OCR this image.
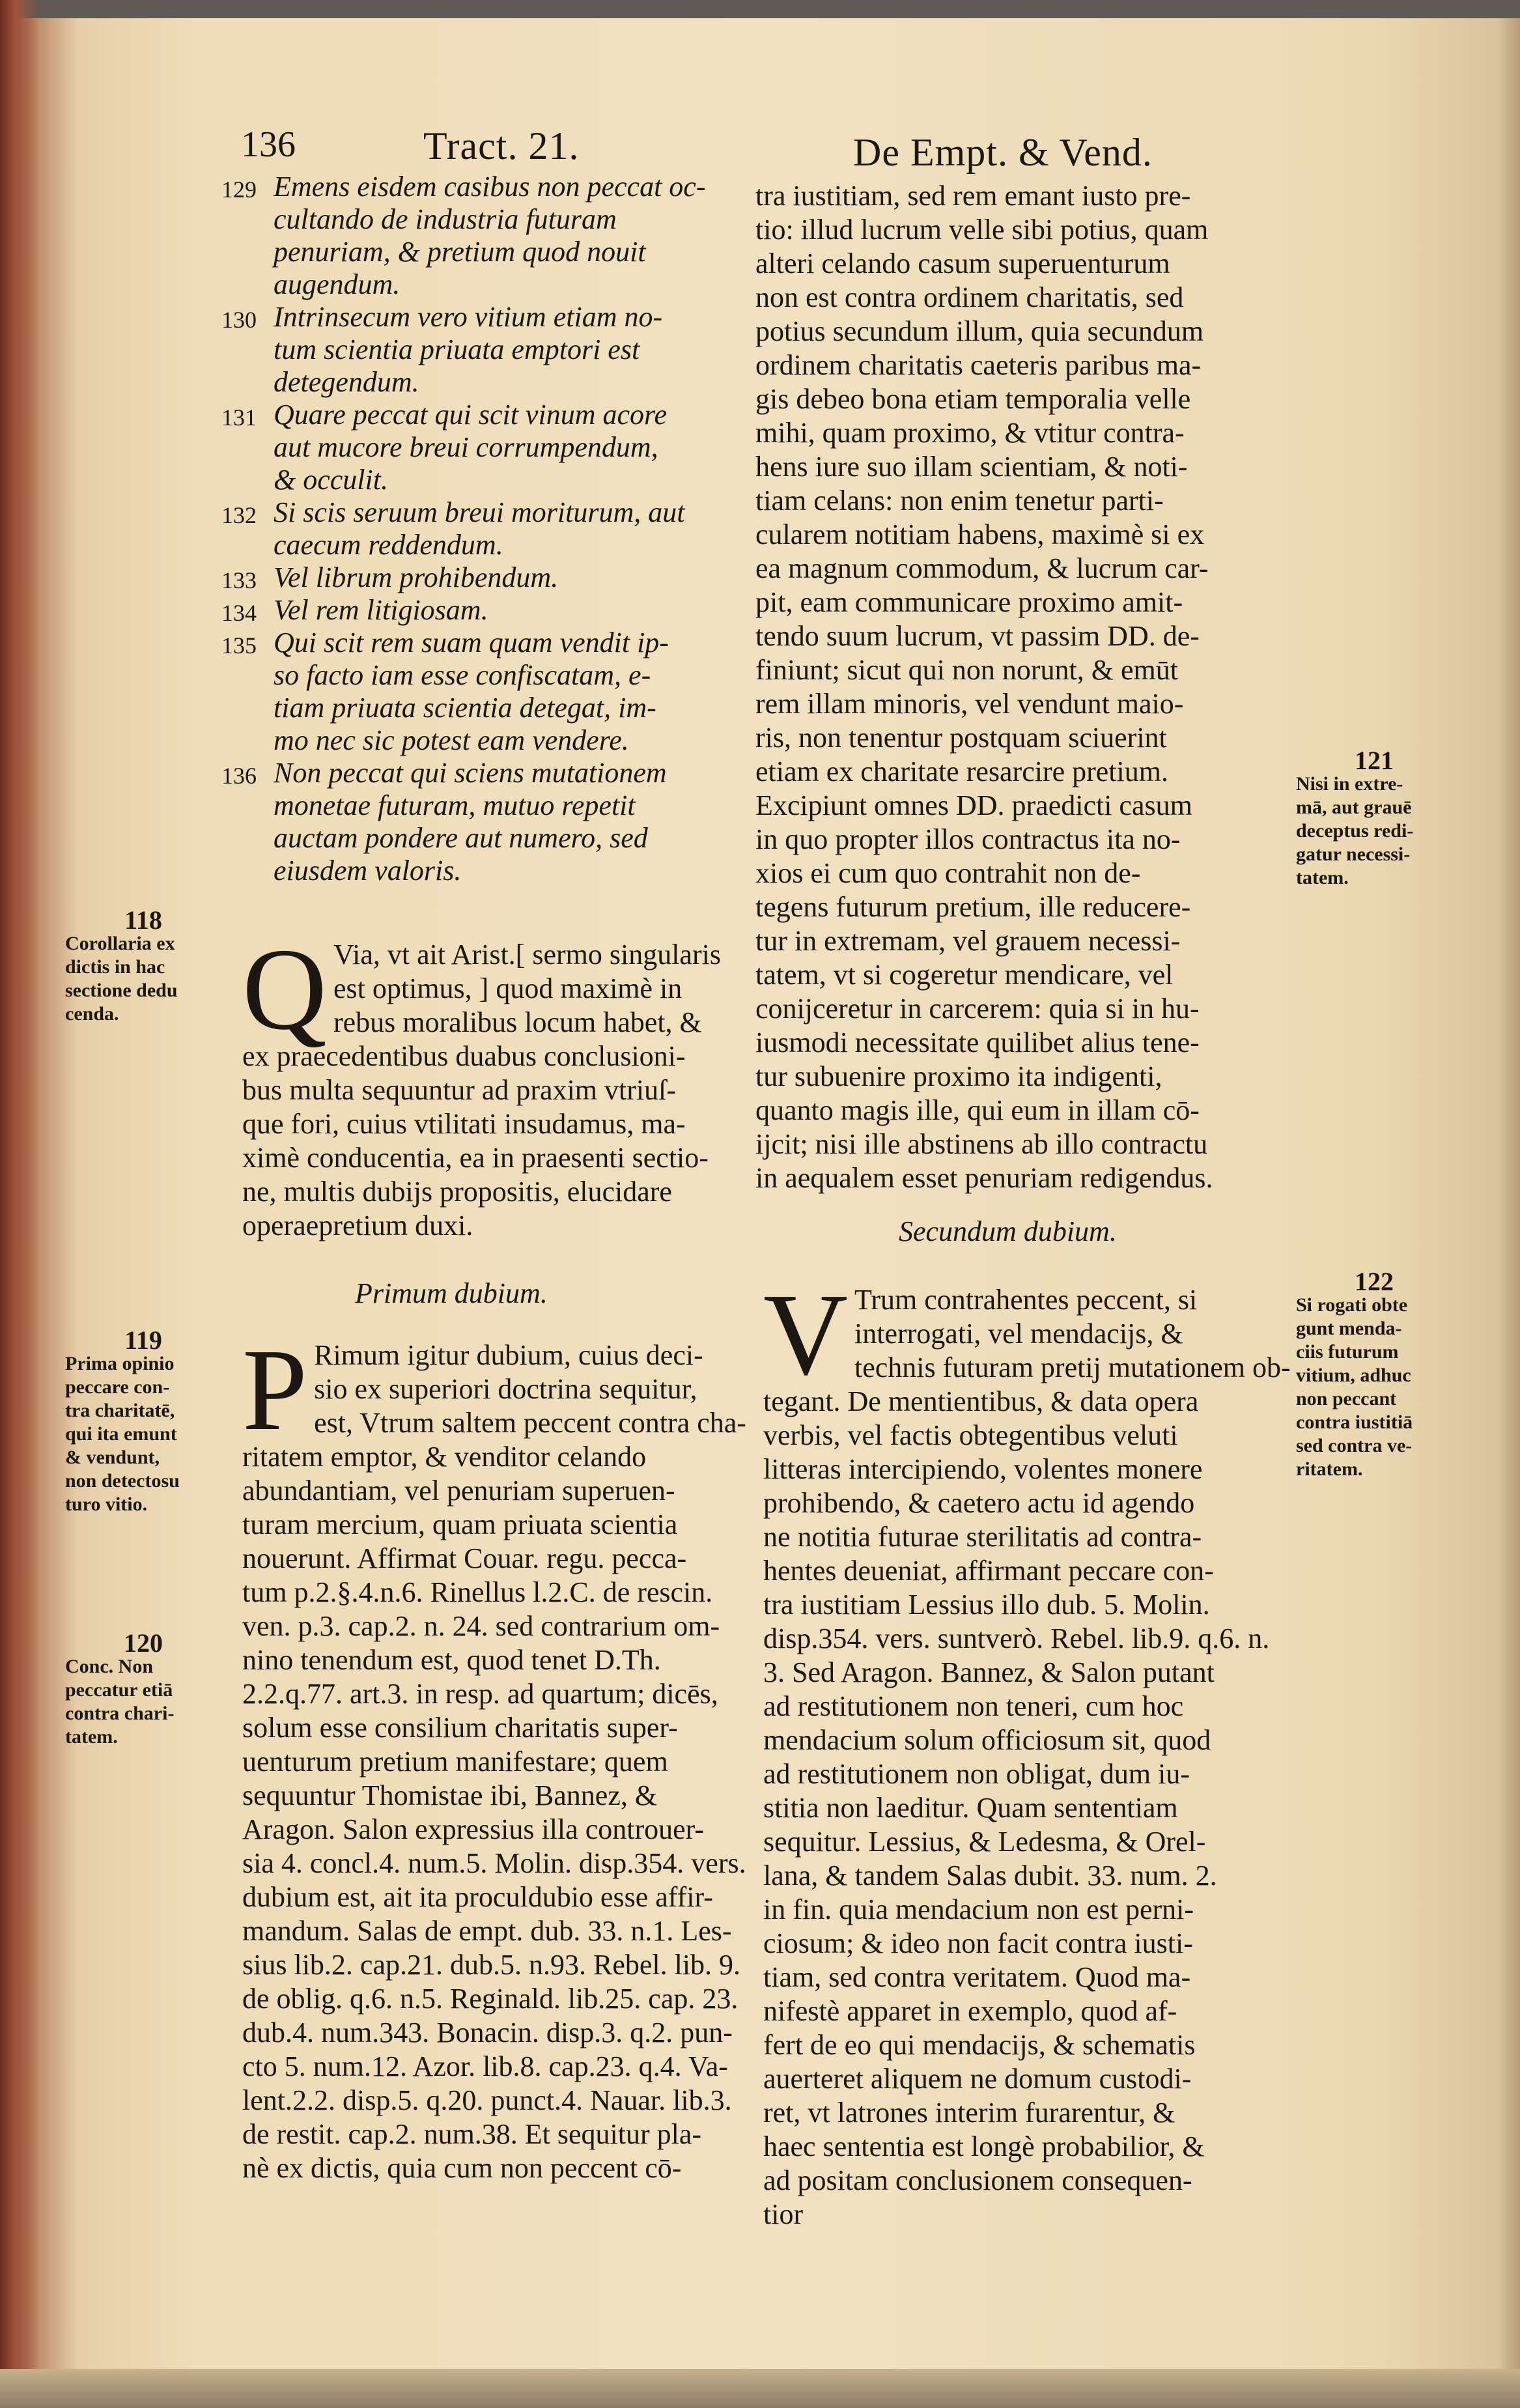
136	Tract. 21.	De Empt. & Vend.
129 Emens eisdem casibus non peccat oc-
cultando de industria futuram
penuriam, & pretium quod nouit
augendum.
130 Intrinsecum vero vitium etiam no-
tum scientia priuata emptori est
detegendum.
131 Quare peccat qui scit vinum acore
aut mucore breui corrumpendum,
& occulit.
132 Si scis seruum breui moriturum, aut
caecum reddendum.
133 Vel librum prohibendum.
134 Vel rem litigiosam.
135 Qui scit rem suam quam vendit ip-
so facto iam esse confiscatam, e-
tiam priuata scientia detegat, im-
mo nec sic potest eam vendere.
136 Non peccat qui sciens mutationem
monetae futuram, mutuo repetit
auctam pondere aut numero, sed
eiusdem valoris.
118
Corollaria ex
dictis in hac
sectione dedu
cenda.
119
Prima opinio
peccare con-
tra charitatē,
qui ita emunt
& vendunt,
non detectosu
turo vitio.
120
Conc. Non
peccatur etiā
contra chari-
tatem.
121
Nisi in extre-
mā, aut grauē
deceptus redi-
gatur necessi-
tatem.
122
Si rogati obte
gunt menda-
ciis futurum
vitium, adhuc
non peccant
contra iustitiā
sed contra ve-
ritatem.
Q Via, vt ait Arist.[ sermo singularis
est optimus, ] quod maximè in
rebus moralibus locum habet, &
ex praecedentibus duabus conclusioni-
bus multa sequuntur ad praxim vtriuſ-
que fori, cuius vtilitati insudamus, ma-
ximè conducentia, ea in praesenti sectio-
ne, multis dubijs propositis, elucidare
operaepretium duxi.
Primum dubium.
P Rimum igitur dubium, cuius deci-
sio ex superiori doctrina sequitur,
est, Vtrum saltem peccent contra cha-
ritatem emptor, & venditor celando
abundantiam, vel penuriam superuen-
turam mercium, quam priuata scientia
nouerunt. Affirmat Couar. regu. pecca-
tum p.2.§.4.n.6. Rinellus l.2.C. de rescin.
ven. p.3. cap.2. n. 24. sed contrarium om-
nino tenendum est, quod tenet D.Th.
2.2.q.77. art.3. in resp. ad quartum; dicēs,
solum esse consilium charitatis super-
uenturum pretium manifestare; quem
sequuntur Thomistae ibi, Bannez, &
Aragon. Salon expressius illa controuer-
sia 4. concl.4. num.5. Molin. disp.354. vers.
dubium est, ait ita proculdubio esse affir-
mandum. Salas de empt. dub. 33. n.1. Les-
sius lib.2. cap.21. dub.5. n.93. Rebel. lib. 9.
de oblig. q.6. n.5. Reginald. lib.25. cap. 23.
dub.4. num.343. Bonacin. disp.3. q.2. pun-
cto 5. num.12. Azor. lib.8. cap.23. q.4. Va-
lent.2.2. disp.5. q.20. punct.4. Nauar. lib.3.
de restit. cap.2. num.38. Et sequitur pla-
nè ex dictis, quia cum non peccent cō-
tra iustitiam, sed rem emant iusto pre-
tio: illud lucrum velle sibi potius, quam
alteri celando casum superuenturum
non est contra ordinem charitatis, sed
potius secundum illum, quia secundum
ordinem charitatis caeteris paribus ma-
gis debeo bona etiam temporalia velle
mihi, quam proximo, & vtitur contra-
hens iure suo illam scientiam, & noti-
tiam celans: non enim tenetur parti-
cularem notitiam habens, maximè si ex
ea magnum commodum, & lucrum car-
pit, eam communicare proximo amit-
tendo suum lucrum, vt passim DD. de-
finiunt; sicut qui non norunt, & emūt
rem illam minoris, vel vendunt maio-
ris, non tenentur postquam sciuerint
etiam ex charitate resarcire pretium.
Excipiunt omnes DD. praedicti casum
in quo propter illos contractus ita no-
xios ei cum quo contrahit non de-
tegens futurum pretium, ille reducere-
tur in extremam, vel grauem necessi-
tatem, vt si cogeretur mendicare, vel
conijceretur in carcerem: quia si in hu-
iusmodi necessitate quilibet alius tene-
tur subuenire proximo ita indigenti,
quanto magis ille, qui eum in illam cō-
ijcit; nisi ille abstinens ab illo contractu
in aequalem esset penuriam redigendus.
Secundum dubium.
V Trum contrahentes peccent, si
interrogati, vel mendacijs, &
technis futuram pretij mutationem ob-
tegant. De mentientibus, & data opera
verbis, vel factis obtegentibus veluti
litteras intercipiendo, volentes monere
prohibendo, & caetero actu id agendo
ne notitia futurae sterilitatis ad contra-
hentes deueniat, affirmant peccare con-
tra iustitiam Lessius illo dub. 5. Molin.
disp.354. vers. suntverò. Rebel. lib.9. q.6. n.
3. Sed Aragon. Bannez, & Salon putant
ad restitutionem non teneri, cum hoc
mendacium solum officiosum sit, quod
ad restitutionem non obligat, dum iu-
stitia non laeditur. Quam sententiam
sequitur. Lessius, & Ledesma, & Orel-
lana, & tandem Salas dubit. 33. num. 2.
in fin. quia mendacium non est perni-
ciosum; & ideo non facit contra iusti-
tiam, sed contra veritatem. Quod ma-
nifestè apparet in exemplo, quod af-
fert de eo qui mendacijs, & schematis
auerteret aliquem ne domum custodi-
ret, vt latrones interim furarentur, &
haec sententia est longè probabilior, &
ad positam conclusionem consequen-
tior
